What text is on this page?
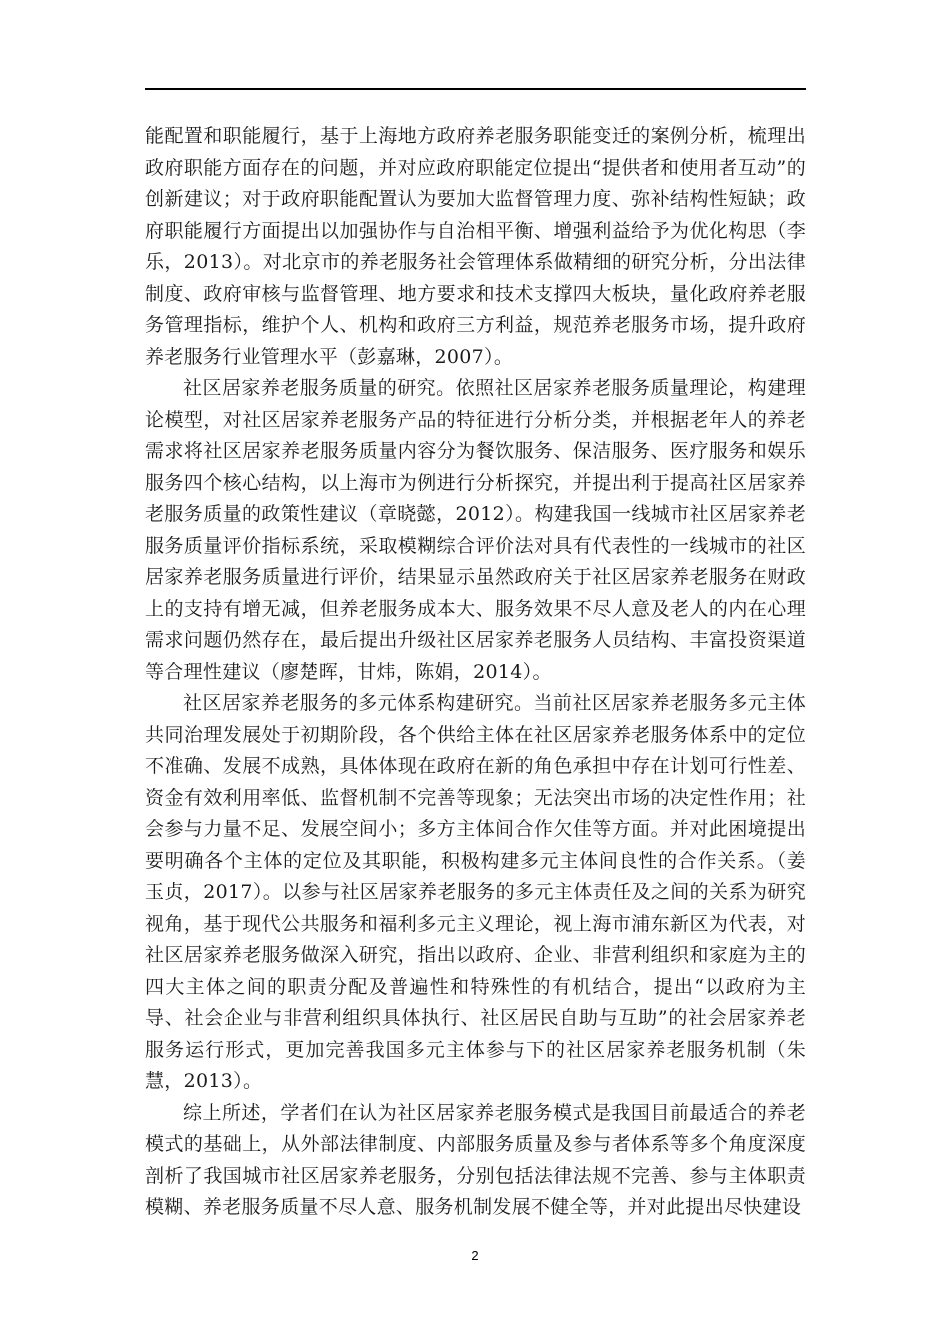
能配置和职能履行，基于上海地方政府养老服务职能变迁的案例分析，梳理出政府职能方面存在的问题，并对应政府职能定位提出“提供者和使用者互动”的创新建议；对于政府职能配置认为要加大监督管理力度、弥补结构性短缺；政府职能履行方面提出以加强协作与自治相平衡、增强利益给予为优化构思（李乐，2013）。对北京市的养老服务社会管理体系做精细的研究分析，分出法律制度、政府审核与监督管理、地方要求和技术支撑四大板块，量化政府养老服务管理指标，维护个人、机构和政府三方利益，规范养老服务市场，提升政府养老服务行业管理水平（彭嘉琳，2007）。

社区居家养老服务质量的研究。依照社区居家养老服务质量理论，构建理论模型，对社区居家养老服务产品的特征进行分析分类，并根据老年人的养老需求将社区居家养老服务质量内容分为餐饮服务、保洁服务、医疗服务和娱乐服务四个核心结构，以上海市为例进行分析探究，并提出利于提高社区居家养老服务质量的政策性建议（章晓懿，2012）。构建我国一线城市社区居家养老服务质量评价指标系统，采取模糊综合评价法对具有代表性的一线城市的社区居家养老服务质量进行评价，结果显示虽然政府关于社区居家养老服务在财政上的支持有增无减，但养老服务成本大、服务效果不尽人意及老人的内在心理需求问题仍然存在，最后提出升级社区居家养老服务人员结构、丰富投资渠道等合理性建议（廖楚晖，甘炜，陈娟，2014）。

社区居家养老服务的多元体系构建研究。当前社区居家养老服务多元主体共同治理发展处于初期阶段，各个供给主体在社区居家养老服务体系中的定位不准确、发展不成熟，具体体现在政府在新的角色承担中存在计划可行性差、资金有效利用率低、监督机制不完善等现象；无法突出市场的决定性作用；社会参与力量不足、发展空间小；多方主体间合作欠佳等方面。并对此困境提出要明确各个主体的定位及其职能，积极构建多元主体间良性的合作关系。（姜玉贞，2017）。以参与社区居家养老服务的多元主体责任及之间的关系为研究视角，基于现代公共服务和福利多元主义理论，视上海市浦东新区为代表，对社区居家养老服务做深入研究，指出以政府、企业、非营利组织和家庭为主的四大主体之间的职责分配及普遍性和特殊性的有机结合，提出“以政府为主导、社会企业与非营利组织具体执行、社区居民自助与互助”的社会居家养老服务运行形式，更加完善我国多元主体参与下的社区居家养老服务机制（朱慧，2013）。

综上所述，学者们在认为社区居家养老服务模式是我国目前最适合的养老模式的基础上，从外部法律制度、内部服务质量及参与者体系等多个角度深度剖析了我国城市社区居家养老服务，分别包括法律法规不完善、参与主体职责模糊、养老服务质量不尽人意、服务机制发展不健全等，并对此提出尽快建设

2
